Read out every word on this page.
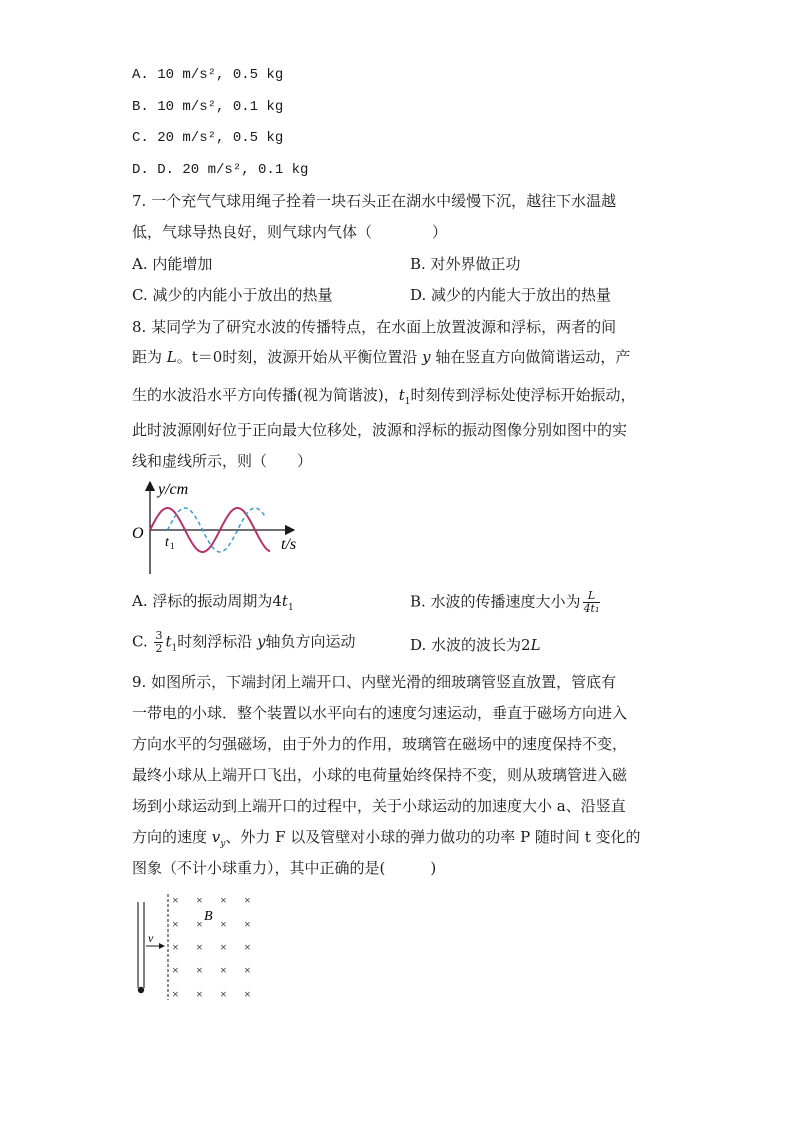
A. 10 m/s², 0.5 kg
B. 10 m/s², 0.1 kg
C. 20 m/s², 0.5 kg
D. D. 20 m/s², 0.1 kg
7. 一个充气气球用绳子拴着一块石头正在湖水中缓慢下沉，越往下水温越
低，气球导热良好，则气球内气体（　　　　）
A. 内能增加	B. 对外界做正功
C. 减少的内能小于放出的热量	D. 减少的内能大于放出的热量
8. 某同学为了研究水波的传播特点，在水面上放置波源和浮标，两者的间
距为 L。t＝0时刻，波源开始从平衡位置沿 y 轴在竖直方向做简谐运动，产
生的水波沿水平方向传播(视为简谐波)，$t_1$时刻传到浮标处使浮标开始振动，
此时波源刚好位于正向最大位移处，波源和浮标的振动图像分别如图中的实
线和虚线所示，则（　　）
y/cm
O
t/s
t 1
A. 浮标的振动周期为$4t_1$	B. 水波的传播速度大小为 $\frac{L}{\text{4t₁}}$
C. $\frac{3}{2} t_1$时刻浮标沿 y轴负方向运动	D. 水波的波长为2L
9. 如图所示，下端封闭上端开口、内壁光滑的细玻璃管竖直放置，管底有
一带电的小球．整个装置以水平向右的速度匀速运动，垂直于磁场方向进入
方向水平的匀强磁场，由于外力的作用，玻璃管在磁场中的速度保持不变，
最终小球从上端开口飞出，小球的电荷量始终保持不变，则从玻璃管进入磁
场到小球运动到上端开口的过程中，关于小球运动的加速度大小 a、沿竖直
方向的速度 $v_y$、外力 F 以及管壁对小球的弹力做功的功率 P 随时间 t 变化的
图象（不计小球重力），其中正确的是(　　　)
v
B
×	× ×
× × × ×
× × × ×
× × × ×
× × × ×
×
